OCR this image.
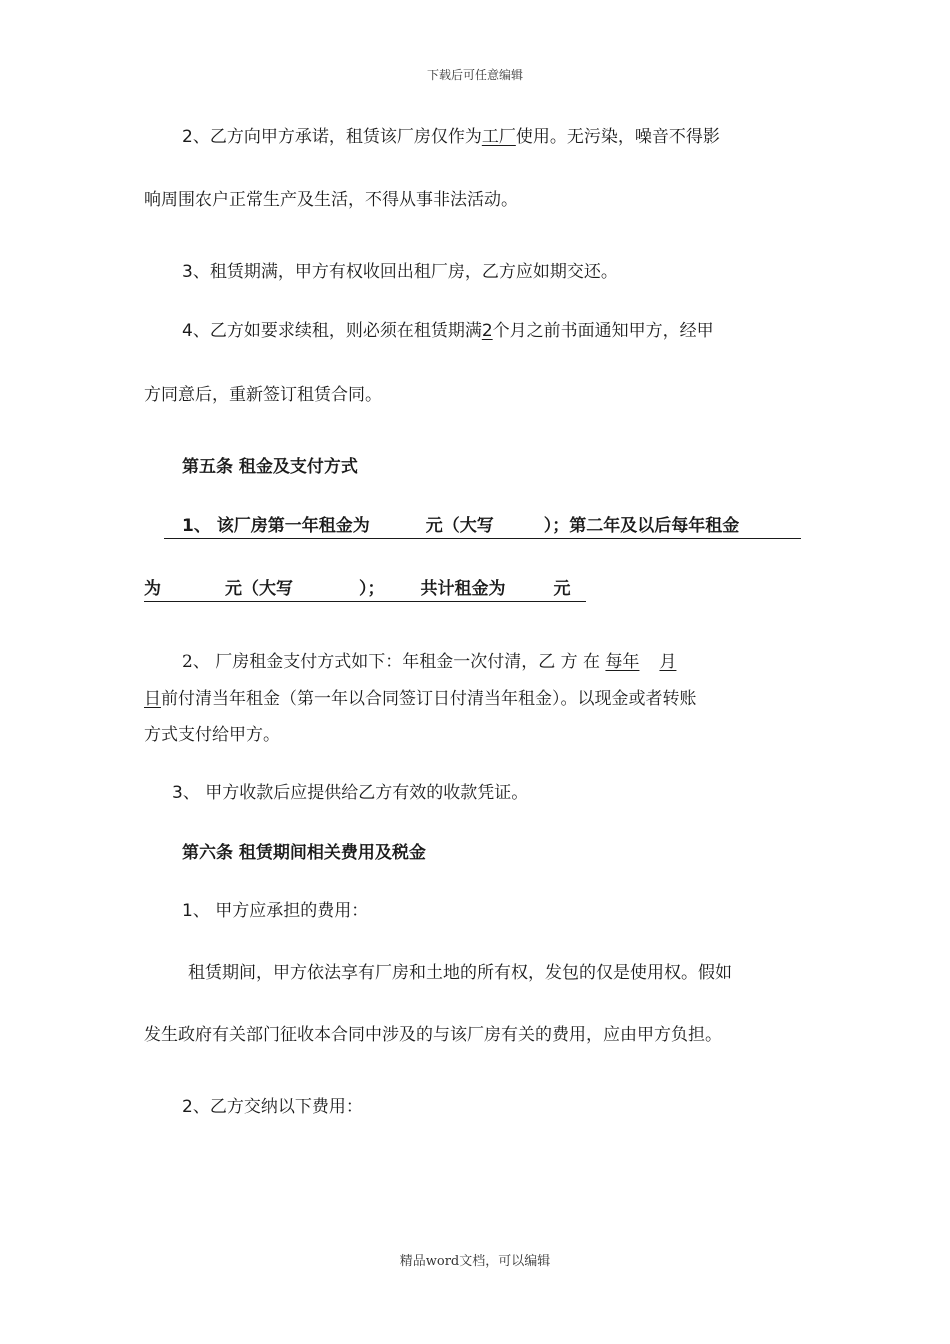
下载后可任意编辑
2、乙方向甲方承诺，租赁该厂房仅作为工厂使用。无污染，噪音不得影
响周围农户正常生产及生活，不得从事非法活动。
3、租赁期满，甲方有权收回出租厂房，乙方应如期交还。
4、乙方如要求续租，则必须在租赁期满2个月之前书面通知甲方，经甲
方同意后，重新签订租赁合同。
第五条 租金及支付方式
1、 该厂房第一年租金为	元（大写	）；第二年及以后每年租金
为	元（大写	）； 共计租金为	元
2、 厂房租金支付方式如下：年租金一次付清，乙 方 在 每年 月
日前付清当年租金（第一年以合同签订日付清当年租金）。以现金或者转账
方式支付给甲方。
3、 甲方收款后应提供给乙方有效的收款凭证。
第六条 租赁期间相关费用及税金
1、 甲方应承担的费用：
租赁期间，甲方依法享有厂房和土地的所有权，发包的仅是使用权。假如
发生政府有关部门征收本合同中涉及的与该厂房有关的费用，应由甲方负担。
2、乙方交纳以下费用：
精品word文档，可以编辑
